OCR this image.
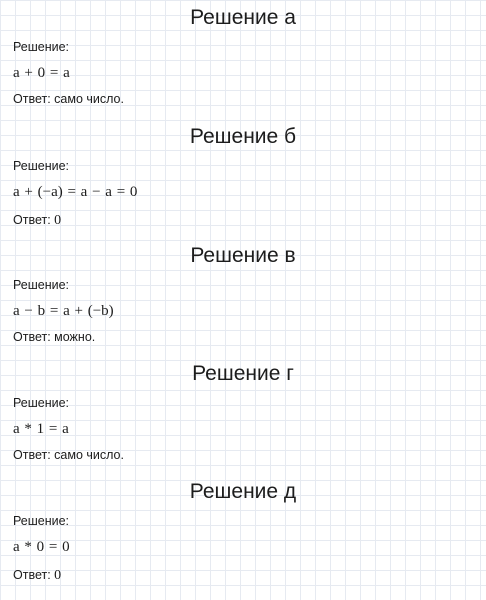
Решение а
Решение:
a + 0 = a
Ответ: само число.
Решение б
Решение:
a + (−a) = a − a = 0
Ответ: 0
Решение в
Решение:
a − b = a + (−b)
Ответ: можно.
Решение г
Решение:
a * 1 = a
Ответ: само число.
Решение д
Решение:
a * 0 = 0
Ответ: 0
